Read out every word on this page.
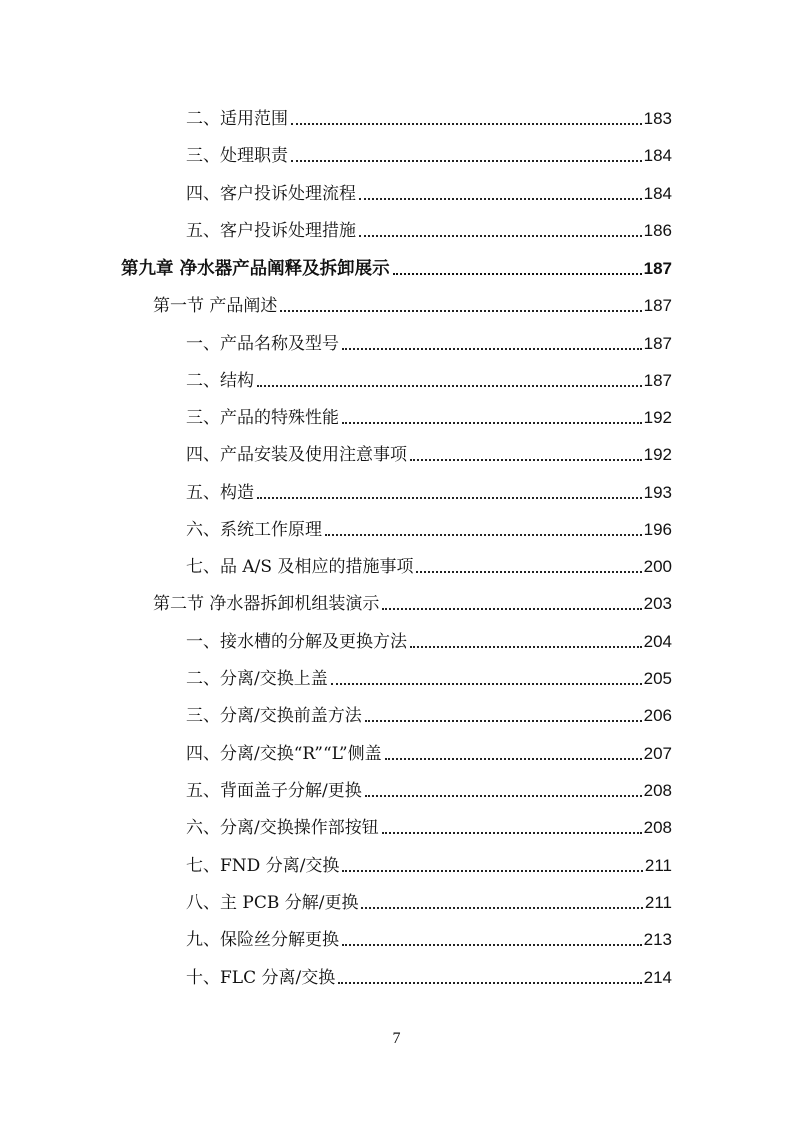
二、适用范围	183
三、处理职责	184
四、客户投诉处理流程	184
五、客户投诉处理措施	186
第九章 净水器产品阐释及拆卸展示	187
第一节 产品阐述	187
一、产品名称及型号	187
二、结构	187
三、产品的特殊性能	192
四、产品安装及使用注意事项	192
五、构造	193
六、系统工作原理	196
七、品 A/S 及相应的措施事项	200
第二节 净水器拆卸机组装演示	203
一、接水槽的分解及更换方法	204
二、分离/交换上盖	205
三、分离/交换前盖方法	206
四、分离/交换“R”“L”侧盖	207
五、背面盖子分解/更换	208
六、分离/交换操作部按钮	208
七、FND 分离/交换	211
八、主 PCB 分解/更换	211
九、保险丝分解更换	213
十、FLC 分离/交换	214
7
